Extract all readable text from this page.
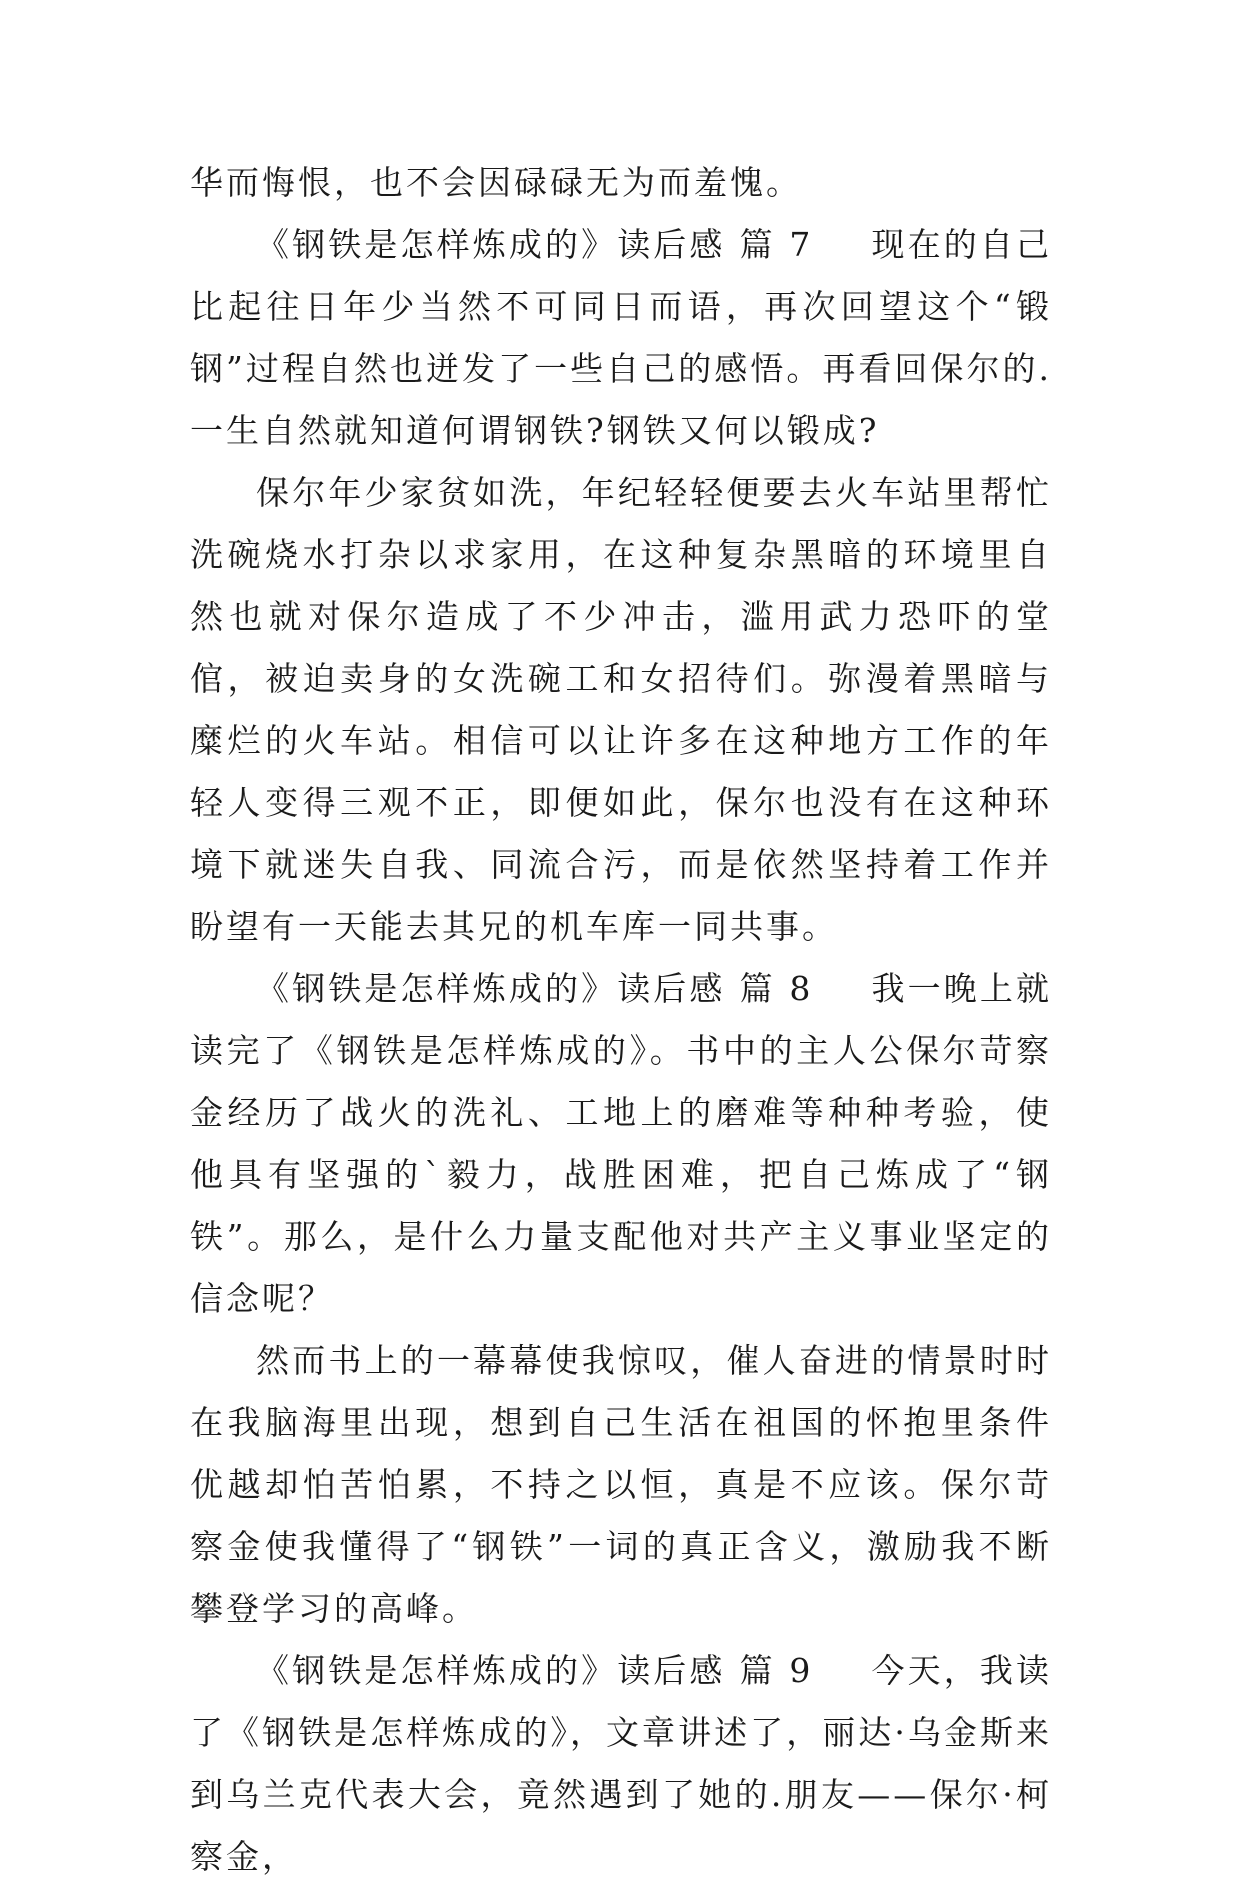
华而悔恨，也不会因碌碌无为而羞愧。

《钢铁是怎样炼成的》读后感 篇 7 现在的自己比起往日年少当然不可同日而语，再次回望这个“锻钢”过程自然也迸发了一些自己的感悟。再看回保尔的.一生自然就知道何谓钢铁?钢铁又何以锻成?

保尔年少家贫如洗，年纪轻轻便要去火车站里帮忙洗碗烧水打杂以求家用，在这种复杂黑暗的环境里自然也就对保尔造成了不少冲击，滥用武力恐吓的堂倌，被迫卖身的女洗碗工和女招待们。弥漫着黑暗与糜烂的火车站。相信可以让许多在这种地方工作的年轻人变得三观不正，即便如此，保尔也没有在这种环境下就迷失自我、同流合污，而是依然坚持着工作并盼望有一天能去其兄的机车库一同共事。

《钢铁是怎样炼成的》读后感 篇 8 我一晚上就读完了《钢铁是怎样炼成的》。书中的主人公保尔苛察金经历了战火的洗礼、工地上的磨难等种种考验，使他具有坚强的`毅力，战胜困难，把自己炼成了“钢铁”。那么，是什么力量支配他对共产主义事业坚定的信念呢？

然而书上的一幕幕使我惊叹，催人奋进的情景时时在我脑海里出现，想到自己生活在祖国的怀抱里条件优越却怕苦怕累，不持之以恒，真是不应该。保尔苛察金使我懂得了“钢铁”一词的真正含义，激励我不断攀登学习的高峰。

《钢铁是怎样炼成的》读后感 篇 9 今天，我读了《钢铁是怎样炼成的》，文章讲述了，丽达·乌金斯来到乌兰克代表大会，竟然遇到了她的.朋友——保尔·柯察金，
